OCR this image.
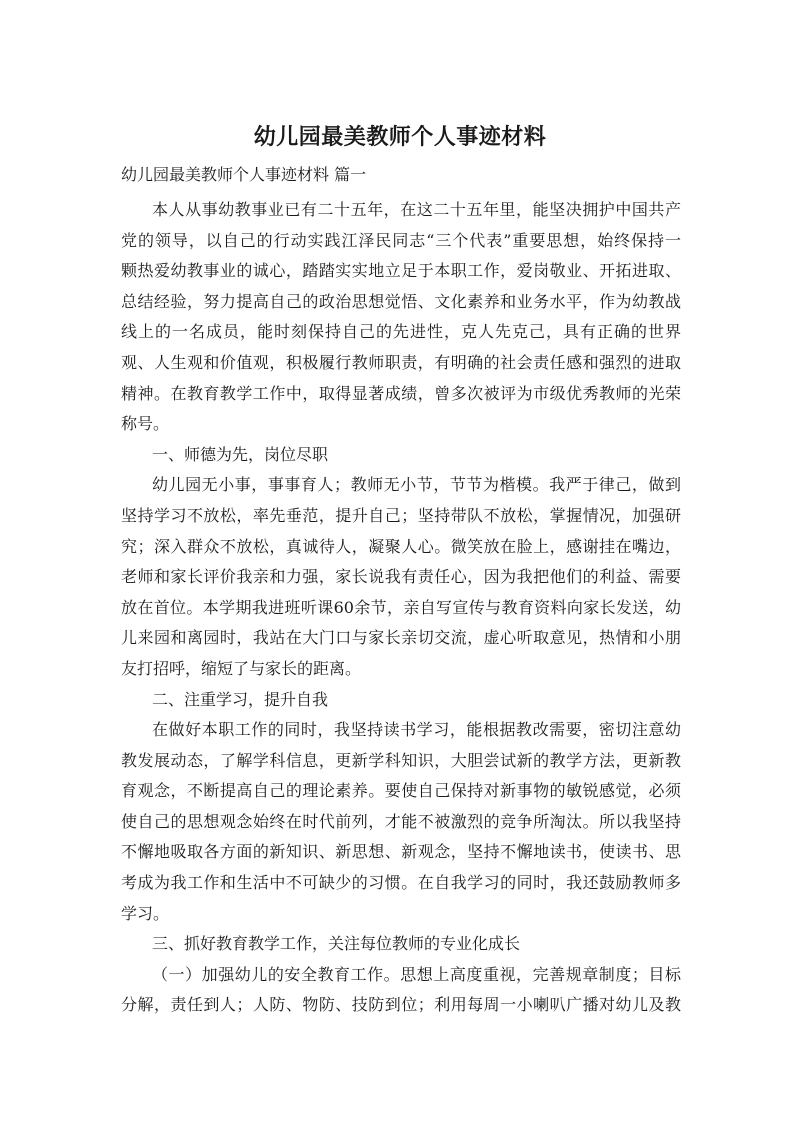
幼儿园最美教师个人事迹材料
幼儿园最美教师个人事迹材料 篇一
本人从事幼教事业已有二十五年，在这二十五年里，能坚决拥护中国共产
党的领导，以自己的行动实践江泽民同志“三个代表”重要思想，始终保持一
颗热爱幼教事业的诚心，踏踏实实地立足于本职工作，爱岗敬业、开拓进取、
总结经验，努力提高自己的政治思想觉悟、文化素养和业务水平，作为幼教战
线上的一名成员，能时刻保持自己的先进性，克人先克己，具有正确的世界
观、人生观和价值观，积极履行教师职责，有明确的社会责任感和强烈的进取
精神。在教育教学工作中，取得显著成绩，曾多次被评为市级优秀教师的光荣
称号。
一、师德为先，岗位尽职
幼儿园无小事，事事育人；教师无小节，节节为楷模。我严于律己，做到
坚持学习不放松，率先垂范，提升自己；坚持带队不放松，掌握情况，加强研
究；深入群众不放松，真诚待人，凝聚人心。微笑放在脸上，感谢挂在嘴边，
老师和家长评价我亲和力强，家长说我有责任心，因为我把他们的利益、需要
放在首位。本学期我进班听课60余节，亲自写宣传与教育资料向家长发送，幼
儿来园和离园时，我站在大门口与家长亲切交流，虚心听取意见，热情和小朋
友打招呼，缩短了与家长的距离。
二、注重学习，提升自我
在做好本职工作的同时，我坚持读书学习，能根据教改需要，密切注意幼
教发展动态，了解学科信息，更新学科知识，大胆尝试新的教学方法，更新教
育观念，不断提高自己的理论素养。要使自己保持对新事物的敏锐感觉，必须
使自己的思想观念始终在时代前列，才能不被激烈的竞争所淘汰。所以我坚持
不懈地吸取各方面的新知识、新思想、新观念，坚持不懈地读书，使读书、思
考成为我工作和生活中不可缺少的习惯。在自我学习的同时，我还鼓励教师多
学习。
三、抓好教育教学工作，关注每位教师的专业化成长
（一）加强幼儿的安全教育工作。思想上高度重视，完善规章制度；目标
分解，责任到人；人防、物防、技防到位；利用每周一小喇叭广播对幼儿及教
